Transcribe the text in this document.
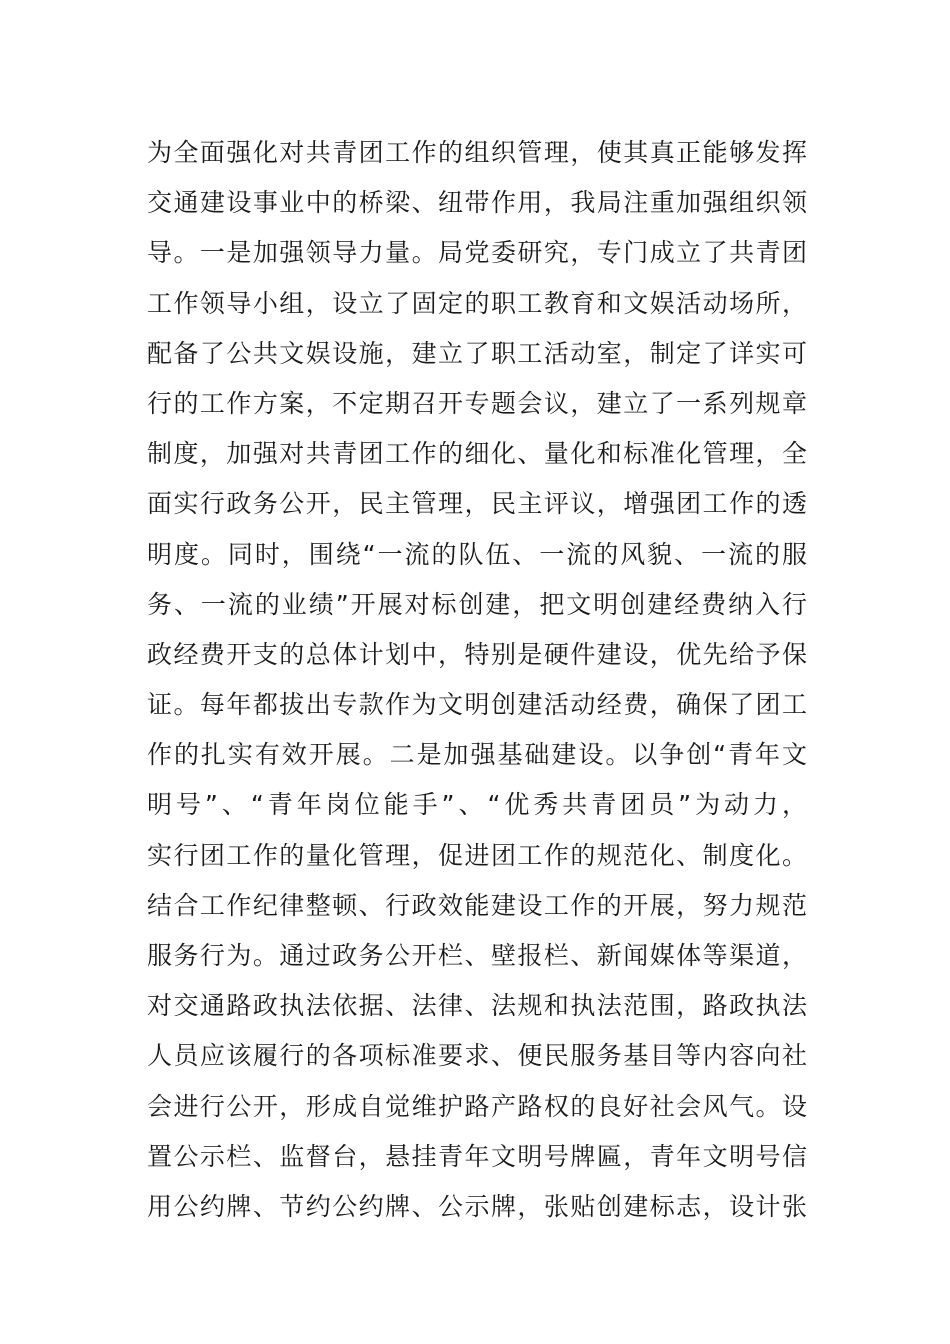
为全面强化对共青团工作的组织管理，使其真正能够发挥
交通建设事业中的桥梁、纽带作用，我局注重加强组织领
导。一是加强领导力量。局党委研究，专门成立了共青团
工作领导小组，设立了固定的职工教育和文娱活动场所，
配备了公共文娱设施，建立了职工活动室，制定了详实可
行的工作方案，不定期召开专题会议，建立了一系列规章
制度，加强对共青团工作的细化、量化和标准化管理，全
面实行政务公开，民主管理，民主评议，增强团工作的透
明度。同时，围绕“一流的队伍、一流的风貌、一流的服
务、一流的业绩”开展对标创建，把文明创建经费纳入行
政经费开支的总体计划中，特别是硬件建设，优先给予保
证。每年都拔出专款作为文明创建活动经费，确保了团工
作的扎实有效开展。二是加强基础建设。以争创“青年文
明号”、“青年岗位能手”、“优秀共青团员”为动力，
实行团工作的量化管理，促进团工作的规范化、制度化。
结合工作纪律整顿、行政效能建设工作的开展，努力规范
服务行为。通过政务公开栏、壁报栏、新闻媒体等渠道，
对交通路政执法依据、法律、法规和执法范围，路政执法
人员应该履行的各项标准要求、便民服务基目等内容向社
会进行公开，形成自觉维护路产路权的良好社会风气。设
置公示栏、监督台，悬挂青年文明号牌匾，青年文明号信
用公约牌、节约公约牌、公示牌，张贴创建标志，设计张
